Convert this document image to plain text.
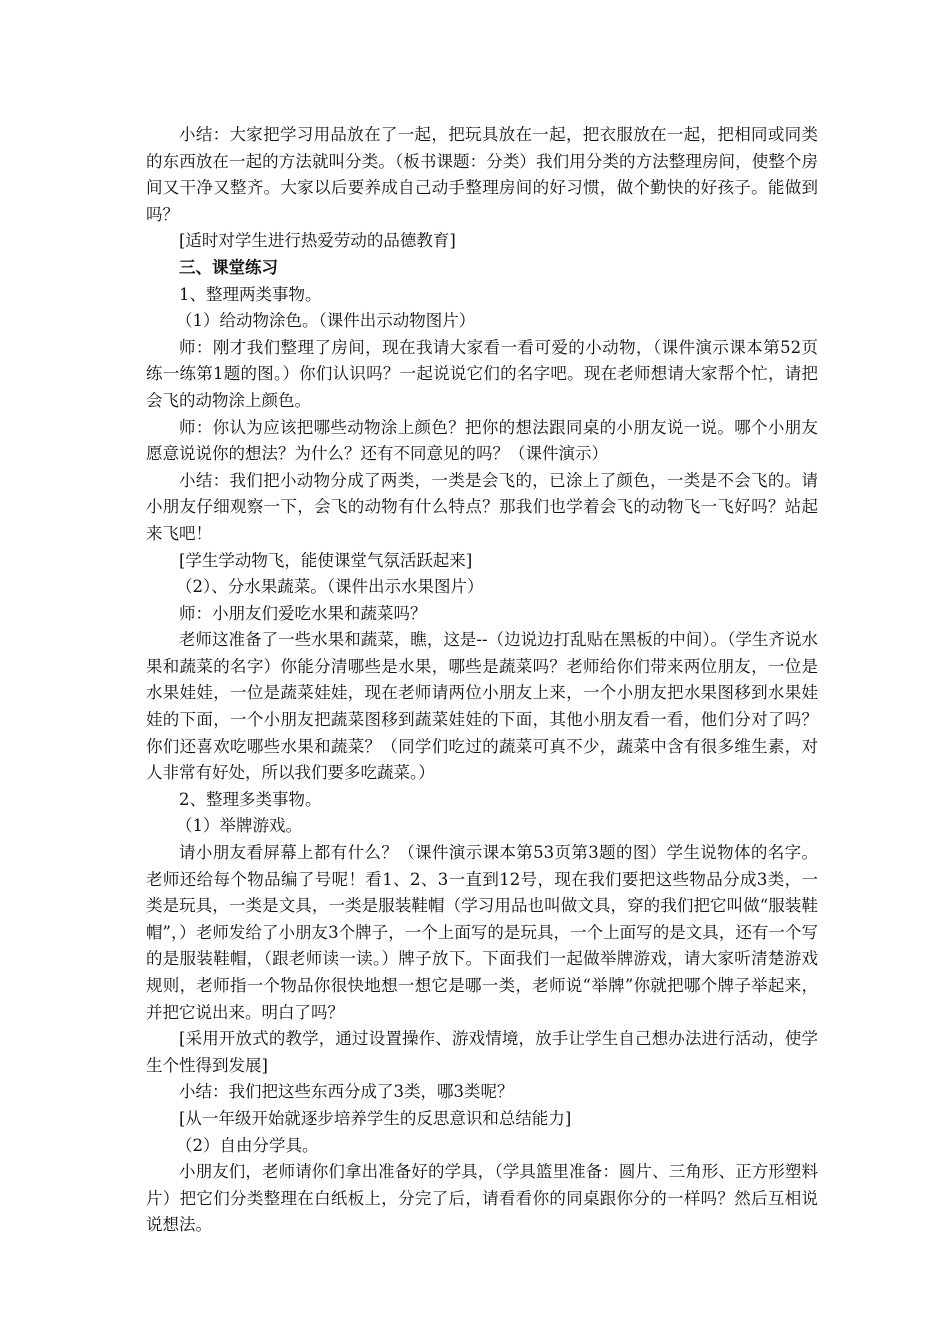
小结：大家把学习用品放在了一起，把玩具放在一起，把衣服放在一起，把相同或同类的东西放在一起的方法就叫分类。（板书课题：分类）我们用分类的方法整理房间，使整个房间又干净又整齐。大家以后要养成自己动手整理房间的好习惯，做个勤快的好孩子。能做到吗？

[适时对学生进行热爱劳动的品德教育]

三、课堂练习

1、整理两类事物。

（1）给动物涂色。（课件出示动物图片）

师：刚才我们整理了房间，现在我请大家看一看可爱的小动物，（课件演示课本第52页练一练第1题的图。）你们认识吗？一起说说它们的名字吧。现在老师想请大家帮个忙，请把会飞的动物涂上颜色。

师：你认为应该把哪些动物涂上颜色？把你的想法跟同桌的小朋友说一说。哪个小朋友愿意说说你的想法？为什么？还有不同意见的吗？（课件演示）

小结：我们把小动物分成了两类，一类是会飞的，已涂上了颜色，一类是不会飞的。请小朋友仔细观察一下，会飞的动物有什么特点？那我们也学着会飞的动物飞一飞好吗？站起来飞吧！

[学生学动物飞，能使课堂气氛活跃起来]

（2）、分水果蔬菜。（课件出示水果图片）

师：小朋友们爱吃水果和蔬菜吗？

老师这准备了一些水果和蔬菜，瞧，这是--（边说边打乱贴在黑板的中间）。（学生齐说水果和蔬菜的名字）你能分清哪些是水果，哪些是蔬菜吗？老师给你们带来两位朋友，一位是水果娃娃，一位是蔬菜娃娃，现在老师请两位小朋友上来，一个小朋友把水果图移到水果娃娃的下面，一个小朋友把蔬菜图移到蔬菜娃娃的下面，其他小朋友看一看，他们分对了吗？你们还喜欢吃哪些水果和蔬菜？（同学们吃过的蔬菜可真不少，蔬菜中含有很多维生素，对人非常有好处，所以我们要多吃蔬菜。）

2、整理多类事物。

（1）举牌游戏。

请小朋友看屏幕上都有什么？（课件演示课本第53页第3题的图）学生说物体的名字。老师还给每个物品编了号呢！看1、2、3一直到12号，现在我们要把这些物品分成3类，一类是玩具，一类是文具，一类是服装鞋帽（学习用品也叫做文具，穿的我们把它叫做“服装鞋帽”，）老师发给了小朋友3个牌子，一个上面写的是玩具，一个上面写的是文具，还有一个写的是服装鞋帽，（跟老师读一读。）牌子放下。下面我们一起做举牌游戏，请大家听清楚游戏规则，老师指一个物品你很快地想一想它是哪一类，老师说“举牌”你就把哪个牌子举起来，并把它说出来。明白了吗？

[采用开放式的教学，通过设置操作、游戏情境，放手让学生自己想办法进行活动，使学生个性得到发展]

小结：我们把这些东西分成了3类，哪3类呢？

[从一年级开始就逐步培养学生的反思意识和总结能力]

（2）自由分学具。

小朋友们，老师请你们拿出准备好的学具，（学具篮里准备：圆片、三角形、正方形塑料片）把它们分类整理在白纸板上，分完了后，请看看你的同桌跟你分的一样吗？然后互相说说想法。
